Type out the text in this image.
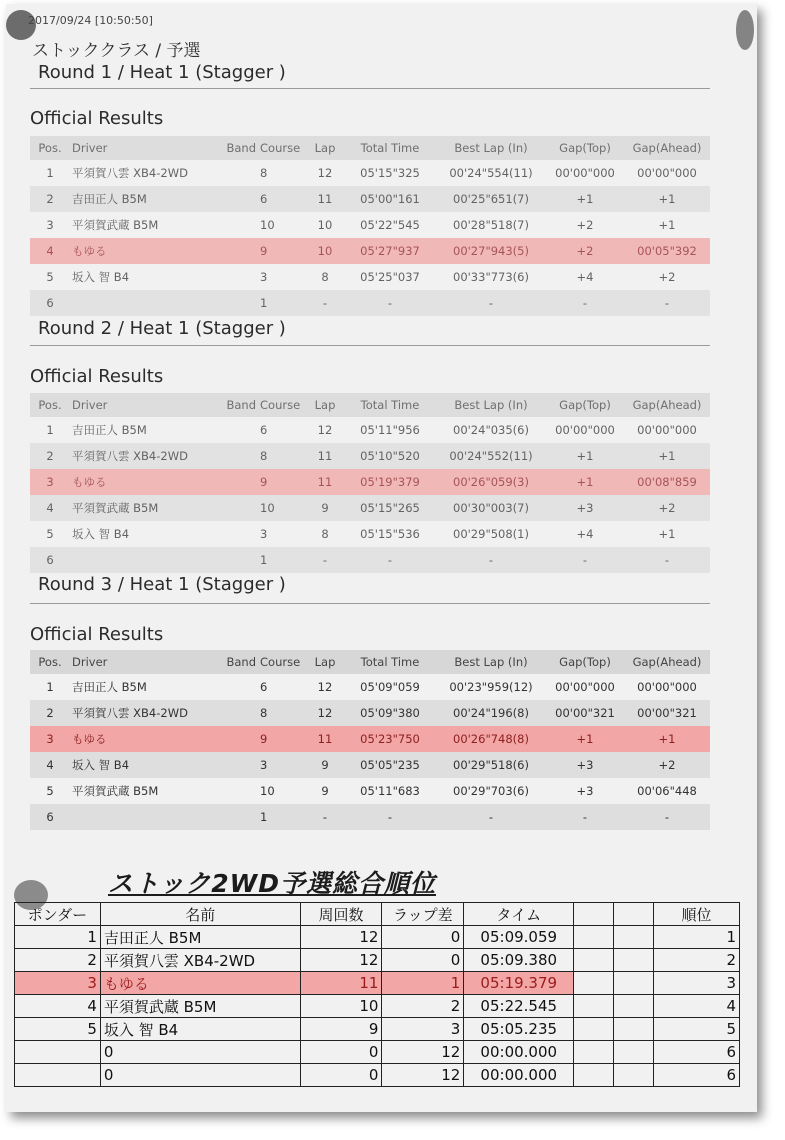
2017/09/24 [10:50:50]
ストッククラス / 予選
Round 1 / Heat 1 (Stagger )
Official Results
Pos.	Driver	Band	Course	Lap	Total Time	Best Lap (In)	Gap(Top)	Gap(Ahead)
1	平須賀八雲 XB4-2WD		8	12	05'15"325	00'24"554(11)	00'00"000	00'00"000
2	吉田正人 B5M		6	11	05'00"161	00'25"651(7)	+1	+1
3	平須賀武蔵 B5M		10	10	05'22"545	00'28"518(7)	+2	+1
4	もゆる		9	10	05'27"937	00'27"943(5)	+2	00'05"392
5	坂入 智 B4		3	8	05'25"037	00'33"773(6)	+4	+2
6			1	-	-	-	-	-
Round 2 / Heat 1 (Stagger )
Official Results
Pos.	Driver	Band	Course	Lap	Total Time	Best Lap (In)	Gap(Top)	Gap(Ahead)
1	吉田正人 B5M		6	12	05'11"956	00'24"035(6)	00'00"000	00'00"000
2	平須賀八雲 XB4-2WD		8	11	05'10"520	00'24"552(11)	+1	+1
3	もゆる		9	11	05'19"379	00'26"059(3)	+1	00'08"859
4	平須賀武蔵 B5M		10	9	05'15"265	00'30"003(7)	+3	+2
5	坂入 智 B4		3	8	05'15"536	00'29"508(1)	+4	+1
6			1	-	-	-	-	-
Round 3 / Heat 1 (Stagger )
Official Results
Pos.	Driver	Band	Course	Lap	Total Time	Best Lap (In)	Gap(Top)	Gap(Ahead)
1	吉田正人 B5M		6	12	05'09"059	00'23"959(12)	00'00"000	00'00"000
2	平須賀八雲 XB4-2WD		8	12	05'09"380	00'24"196(8)	00'00"321	00'00"321
3	もゆる		9	11	05'23"750	00'26"748(8)	+1	+1
4	坂入 智 B4		3	9	05'05"235	00'29"518(6)	+3	+2
5	平須賀武蔵 B5M		10	9	05'11"683	00'29"703(6)	+3	00'06"448
6			1	-	-	-	-	-
ストック2WD予選総合順位
ポンダー	名前	周回数	ラップ差	タイム			順位
1	吉田正人 B5M	12	0	05:09.059			1
2	平須賀八雲 XB4-2WD	12	0	05:09.380			2
3	もゆる	11	1	05:19.379			3
4	平須賀武蔵 B5M	10	2	05:22.545			4
5	坂入 智 B4	9	3	05:05.235			5
	0	0	12	00:00.000			6
	0	0	12	00:00.000			6
